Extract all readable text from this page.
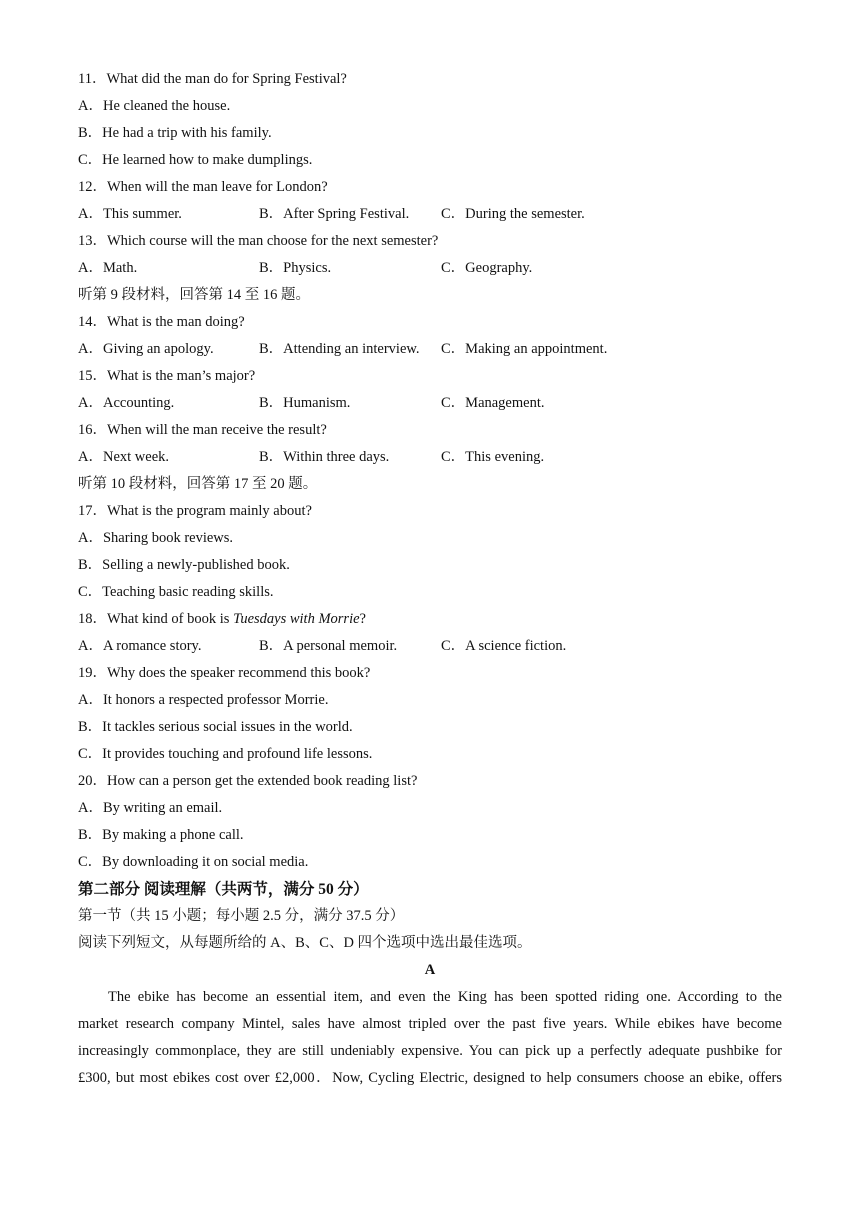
11．What did the man do for Spring Festival?
A．He cleaned the house.
B．He had a trip with his family.
C．He learned how to make dumplings.
12．When will the man leave for London?
A．This summer.	B．After Spring Festival. C．During the semester.
13．Which course will the man choose for the next semester?
A．Math.	B．Physics.	C．Geography.
听第 9 段材料，回答第 14 至 16 题。
14．What is the man doing?
A．Giving an apology.	B．Attending an interview. C．Making an appointment.
15．What is the man’s major?
A．Accounting.	B．Humanism.	C．Management.
16．When will the man receive the result?
A．Next week.	B．Within three days.	C．This evening.
听第 10 段材料，回答第 17 至 20 题。
17．What is the program mainly about?
A．Sharing book reviews.
B．Selling a newly-published book.
C．Teaching basic reading skills.
18．What kind of book is Tuesdays with Morrie?
A．A romance story.	B．A personal memoir.	C．A science fiction.
19．Why does the speaker recommend this book?
A．It honors a respected professor Morrie.
B．It tackles serious social issues in the world.
C．It provides touching and profound life lessons.
20．How can a person get the extended book reading list?
A．By writing an email.
B．By making a phone call.
C．By downloading it on social media.
第二部分 阅读理解（共两节，满分 50 分）
第一节（共 15 小题；每小题 2.5 分，满分 37.5 分）
阅读下列短文，从每题所给的 A、B、C、D 四个选项中选出最佳选项。
A
The ebike has become an essential item, and even the King has been spotted riding one. According to the
market research company Mintel, sales have almost tripled over the past five years. While ebikes have become
increasingly commonplace, they are still undeniably expensive. You can pick up a perfectly adequate pushbike for
£300, but most ebikes cost over £2,000．Now, Cycling Electric, designed to help consumers choose an ebike, offers
